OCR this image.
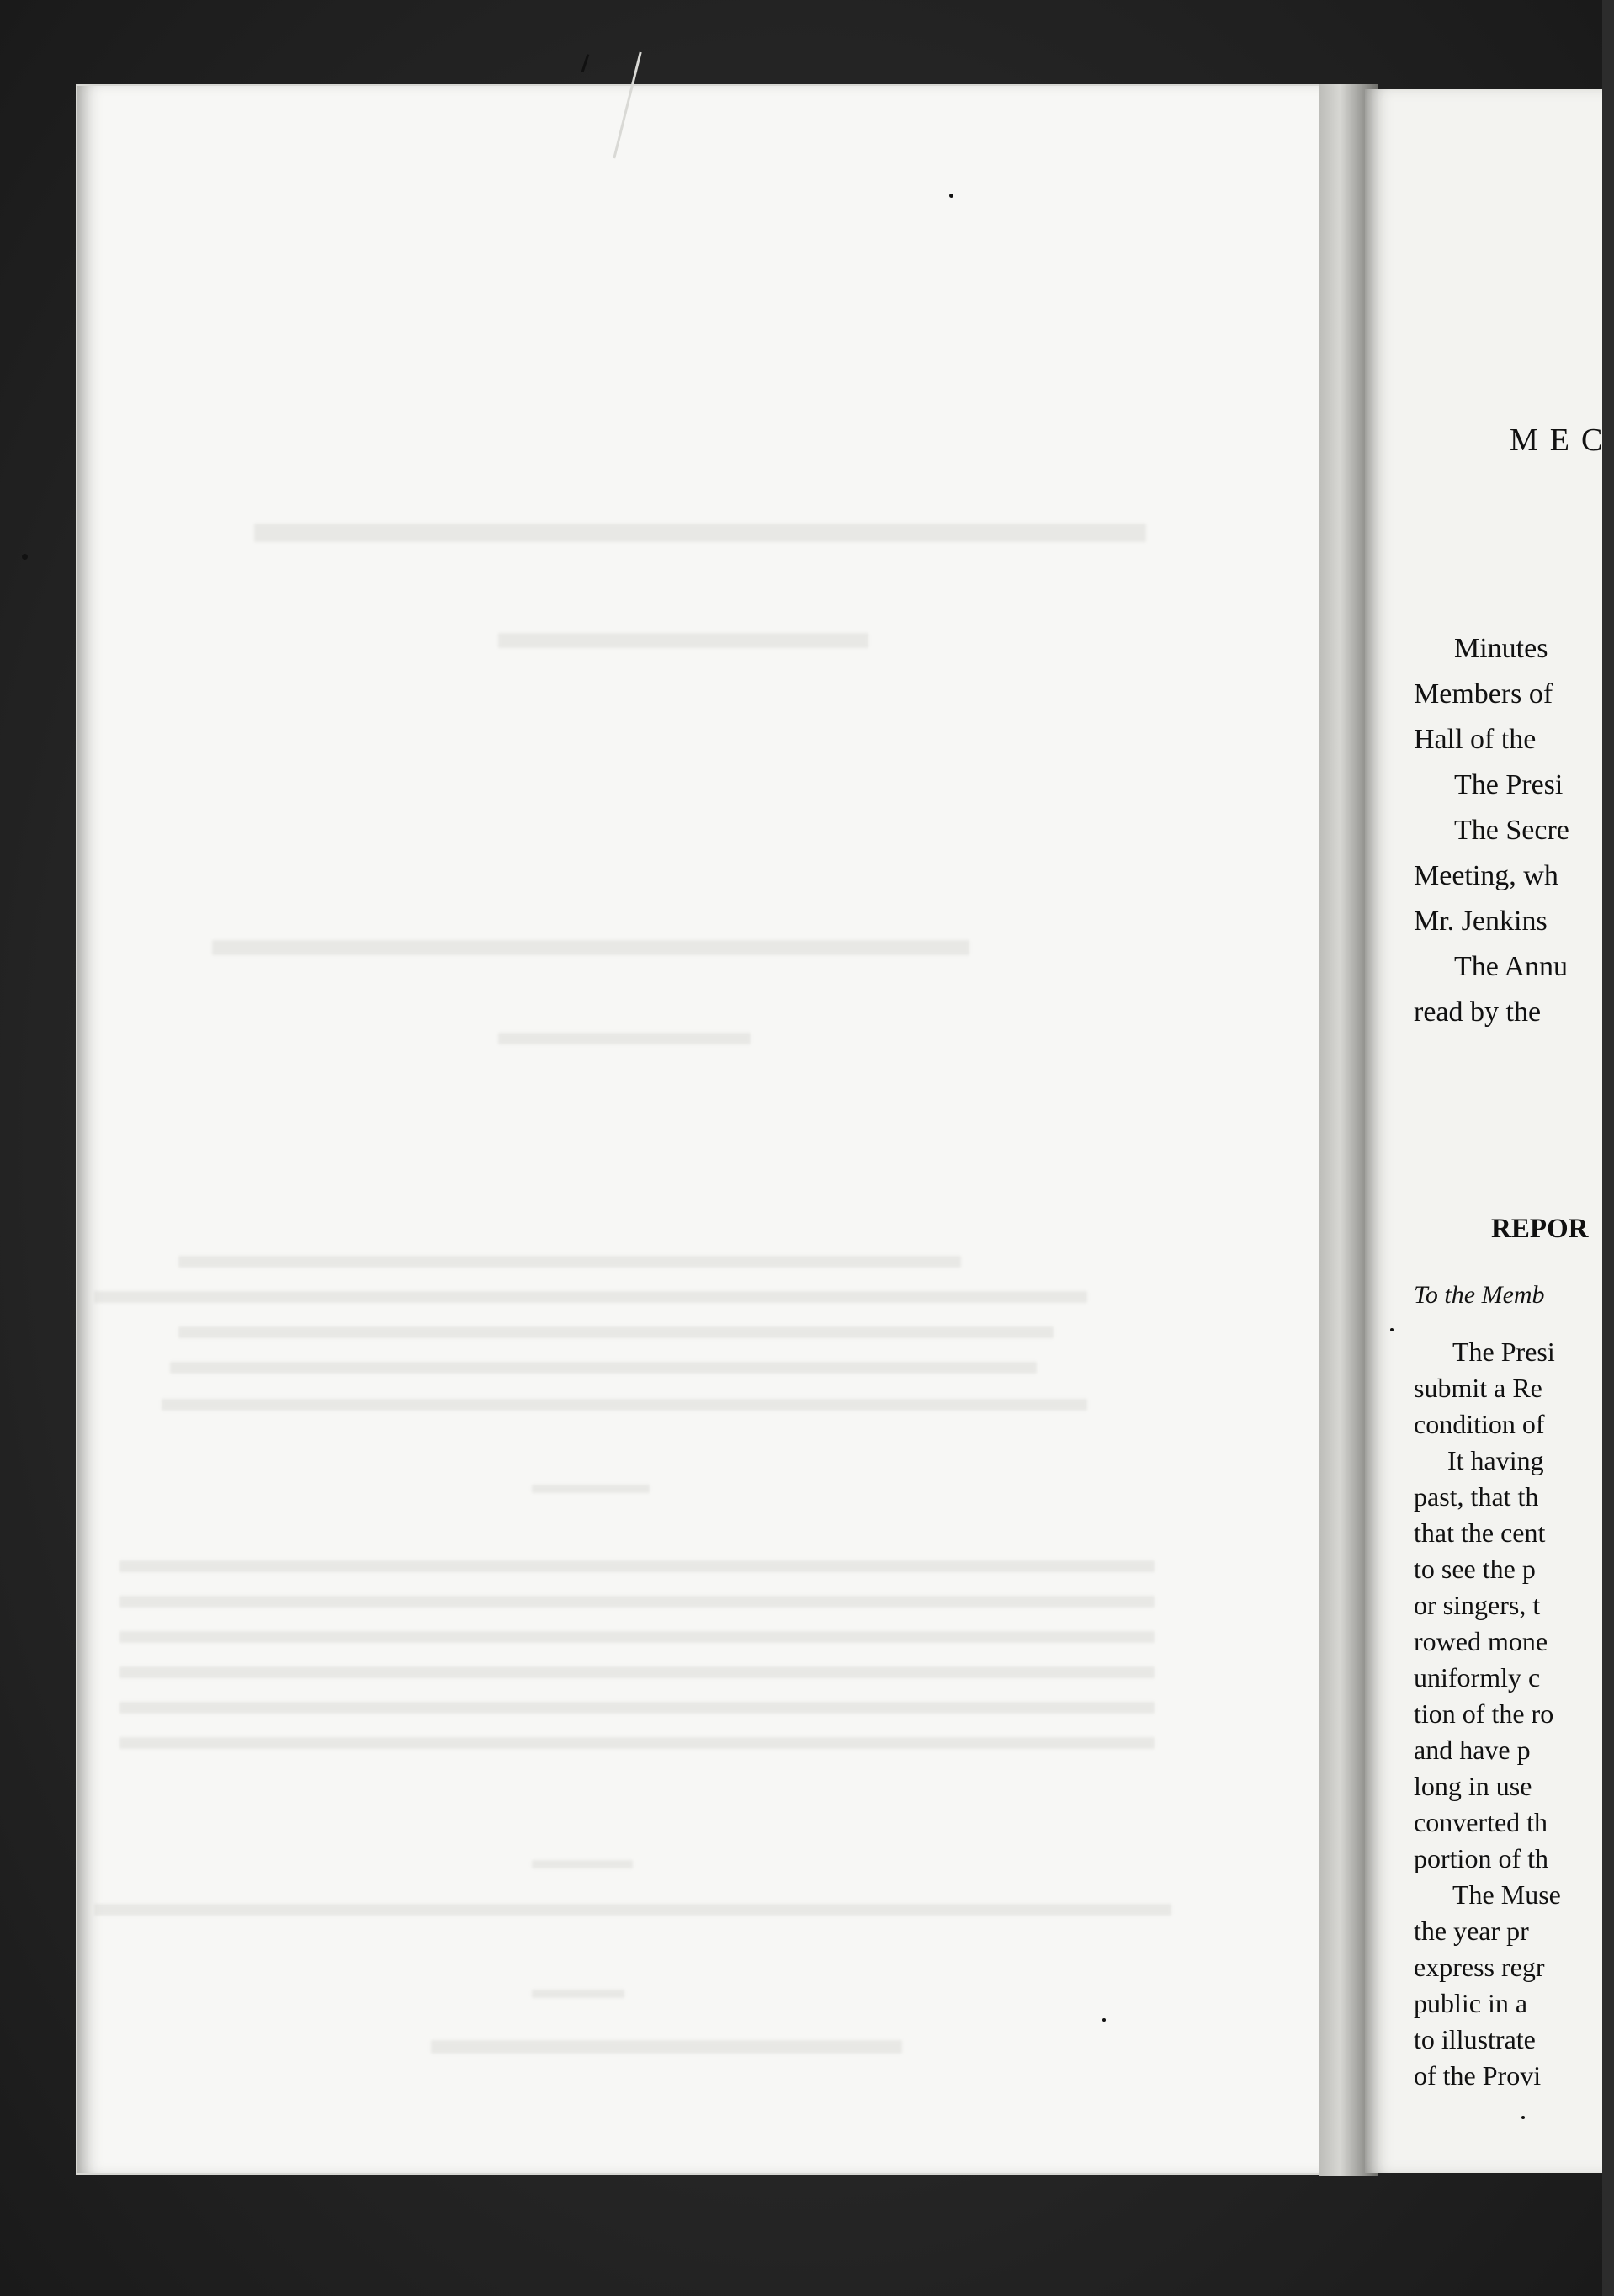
MEC
Minutes
Members of
Hall of the
The Presi
The Secre
Meeting, wh
Mr. Jenkins
The Annu
read by the
REPOR
To the Memb
The Presi
submit a Re
condition of
It having
past, that th
that the cent
to see the p
or singers, t
rowed mone
uniformly c
tion of the ro
and have p
long in use
converted th
portion of th
The Muse
the year pr
express regr
public in a
to illustrate
of the Provi
